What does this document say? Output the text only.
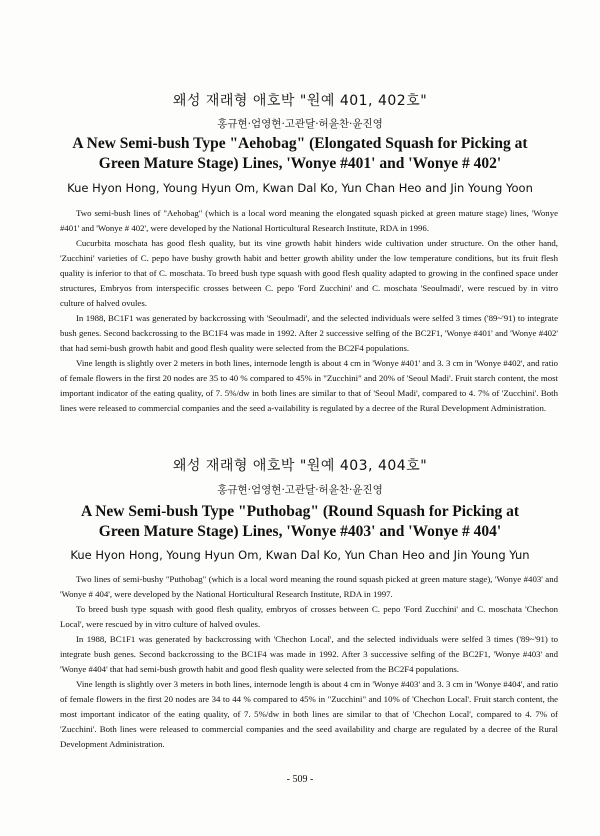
왜성 재래형 애호박 "원예 401, 402호"
홍규현·엄영현·고관달·허윤찬·윤진영
A New Semi-bush Type "Aehobag" (Elongated Squash for Picking at
Green Mature Stage) Lines, 'Wonye #401' and 'Wonye # 402'
Kue Hyon Hong, Young Hyun Om, Kwan Dal Ko, Yun Chan Heo and Jin Young Yoon

Two semi-bush lines of "Aehobag" (which is a local word meaning the elongated squash picked at green mature stage) lines, 'Wonye #401' and 'Wonye # 402', were developed by the National Horticultural Research Institute, RDA in 1996.

Cucurbita moschata has good flesh quality, but its vine growth habit hinders wide cultivation under structure. On the other hand, 'Zucchini' varieties of C. pepo have bushy growth habit and better growth ability under the low temperature conditions, but its fruit flesh quality is inferior to that of C. moschata. To breed bush type squash with good flesh quality adapted to growing in the confined space under structures, Embryos from interspecific crosses between C. pepo 'Ford Zucchini' and C. moschata 'Seoulmadi', were rescued by in vitro culture of halved ovules.

In 1988, BC1F1 was generated by backcrossing with 'Seoulmadi', and the selected individuals were selfed 3 times ('89~'91) to integrate bush genes. Second backcrossing to the BC1F4 was made in 1992. After 2 successive selfing of the BC2F1, 'Wonye #401' and 'Wonye #402' that had semi-bush growth habit and good flesh quality were selected from the BC2F4 populations.

Vine length is slightly over 2 meters in both lines, internode length is about 4 cm in 'Wonye #401' and 3. 3 cm in 'Wonye #402', and ratio of female flowers in the first 20 nodes are 35 to 40 % compared to 45% in "Zucchini" and 20% of 'Seoul Madi'. Fruit starch content, the most important indicator of the eating quality, of 7. 5%/dw in both lines are similar to that of 'Seoul Madi', compared to 4. 7% of 'Zucchini'. Both lines were released to commercial companies and the seed a-vailability is regulated by a decree of the Rural Development Administration.

왜성 재래형 애호박 "원예 403, 404호"
홍규현·엄영현·고관달·허윤찬·윤진영
A New Semi-bush Type "Puthobag" (Round Squash for Picking at
Green Mature Stage) Lines, 'Wonye #403' and 'Wonye # 404'
Kue Hyon Hong, Young Hyun Om, Kwan Dal Ko, Yun Chan Heo and Jin Young Yun

Two lines of semi-bushy "Puthobag" (which is a local word meaning the round squash picked at green mature stage), 'Wonye #403' and 'Wonye # 404', were developed by the National Horticultural Research Institute, RDA in 1997.

To breed bush type squash with good flesh quality, embryos of crosses between C. pepo 'Ford Zucchini' and C. moschata 'Chechon Local', were rescued by in vitro culture of halved ovules.

In 1988, BC1F1 was generated by backcrossing with 'Chechon Local', and the selected individuals were selfed 3 times ('89~'91) to integrate bush genes. Second backcrossing to the BC1F4 was made in 1992. After 3 successive selfing of the BC2F1, 'Wonye #403' and 'Wonye #404' that had semi-bush growth habit and good flesh quality were selected from the BC2F4 populations.

Vine length is slightly over 3 meters in both lines, internode length is about 4 cm in 'Wonye #403' and 3. 3 cm in 'Wonye #404', and ratio of female flowers in the first 20 nodes are 34 to 44 % compared to 45% in "Zucchini" and 10% of 'Chechon Local'. Fruit starch content, the most important indicator of the eating quality, of 7. 5%/dw in both lines are similar to that of 'Chechon Local', compared to 4. 7% of 'Zucchini'. Both lines were released to commercial companies and the seed availability and charge are regulated by a decree of the Rural Development Administration.

- 509 -
